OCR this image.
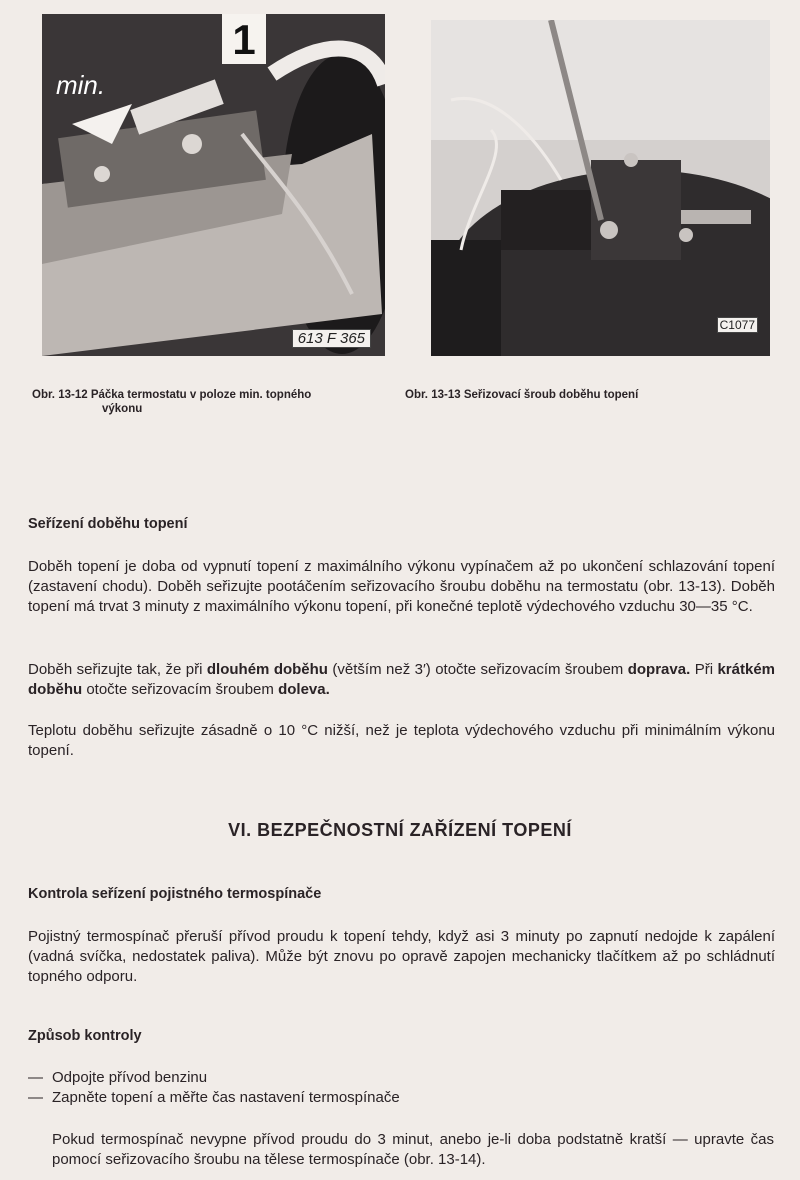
1
min.
613 F 365
C1077
Obr. 13-12 Páčka termostatu v poloze min. topného
výkonu
Obr. 13-13 Seřizovací šroub doběhu topení
Seřízení doběhu topení
Doběh topení je doba od vypnutí topení z maximálního výkonu vypínačem až po ukončení schlazování topení (zastavení chodu). Doběh seřizujte pootáčením seřizovacího šroubu doběhu na termostatu (obr. 13-13). Doběh topení má trvat 3 minuty z maximálního výkonu topení, při konečné teplotě výdechového vzduchu 30—35 °C.
Doběh seřizujte tak, že při dlouhém doběhu (větším než 3′) otočte seřizovacím šroubem doprava. Při krátkém doběhu otočte seřizovacím šroubem doleva.
Teplotu doběhu seřizujte zásadně o 10 °C nižší, než je teplota výdechového vzduchu při minimálním výkonu topení.
VI. BEZPEČNOSTNÍ ZAŘÍZENÍ TOPENÍ
Kontrola seřízení pojistného termospínače
Pojistný termospínač přeruší přívod proudu k topení tehdy, když asi 3 minuty po zapnutí nedojde k zapálení (vadná svíčka, nedostatek paliva). Může být znovu po opravě zapojen mechanicky tlačítkem až po schládnutí topného odporu.
Způsob kontroly
— Odpojte přívod benzinu
— Zapněte topení a měřte čas nastavení termospínače
Pokud termospínač nevypne přívod proudu do 3 minut, anebo je-li doba podstatně kratší — upravte čas pomocí seřizovacího šroubu na tělese termospínače (obr. 13-14).
